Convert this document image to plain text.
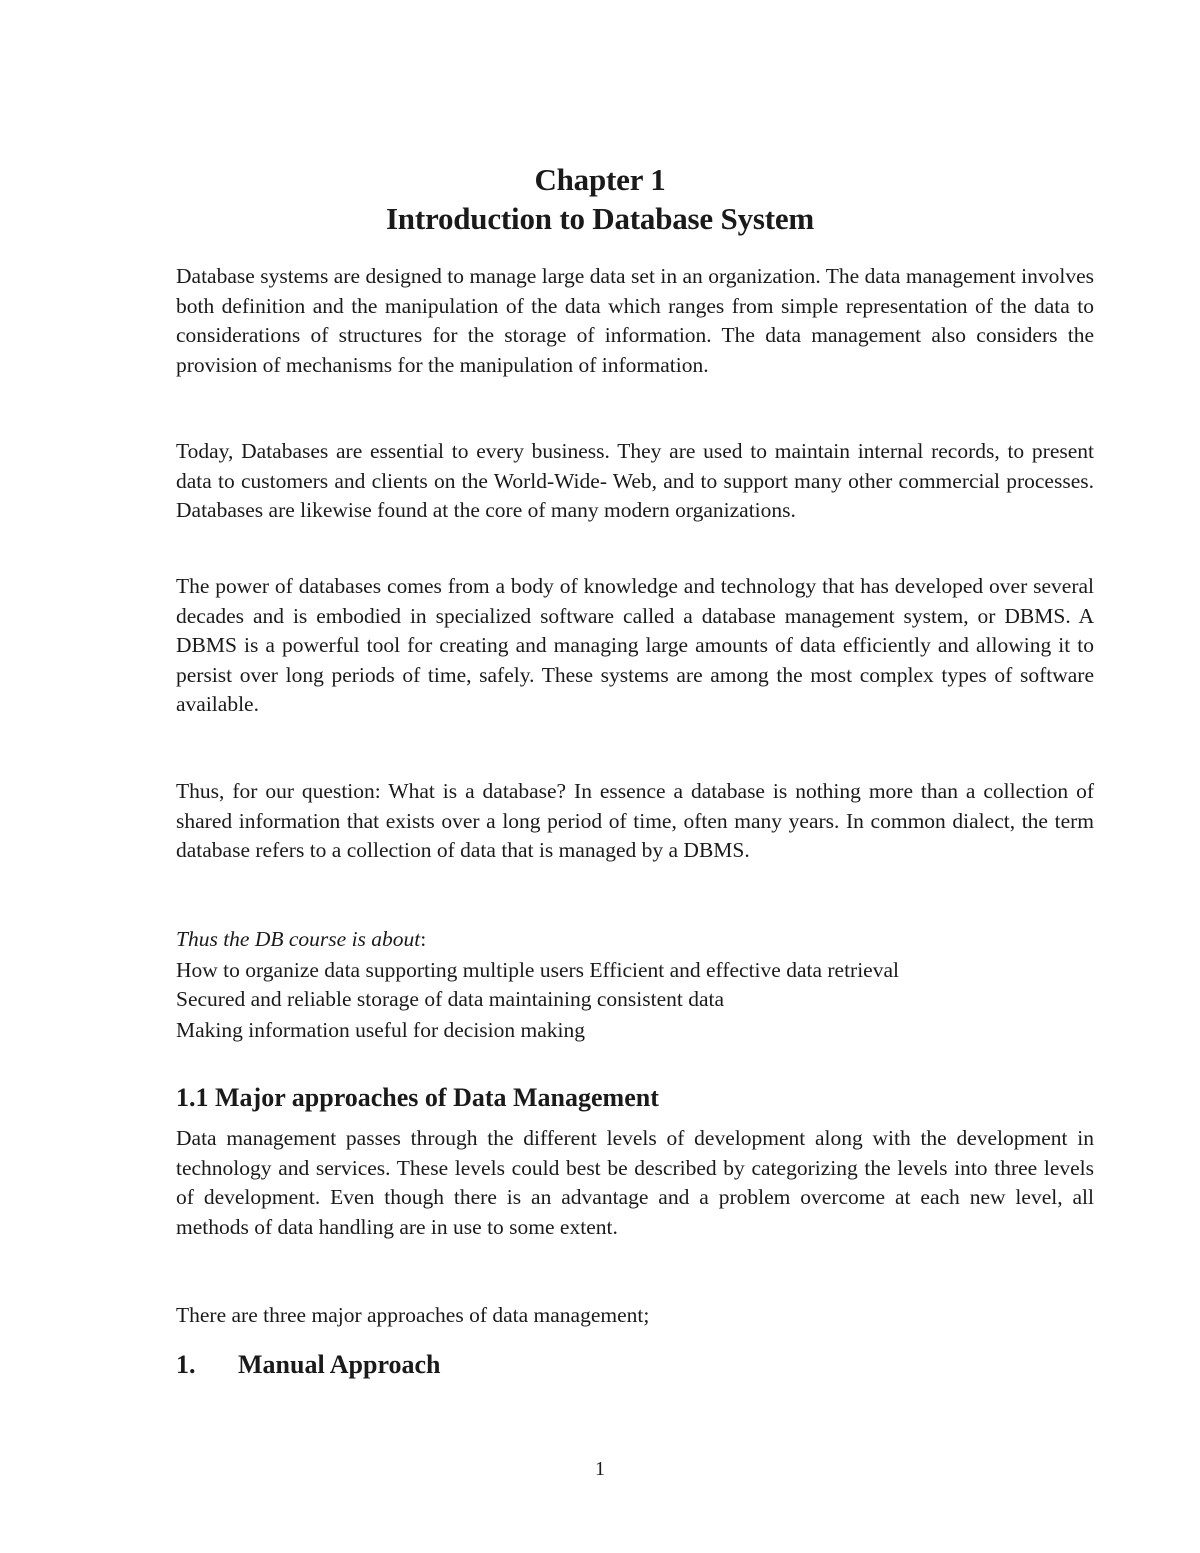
Chapter 1
Introduction to Database System

Database systems are designed to manage large data set in an organization. The data management involves both definition and the manipulation of the data which ranges from simple representation of the data to considerations of structures for the storage of information. The data management also considers the provision of mechanisms for the manipulation of information.

Today, Databases are essential to every business. They are used to maintain internal records, to present data to customers and clients on the World-Wide- Web, and to support many other commercial processes. Databases are likewise found at the core of many modern organizations.

The power of databases comes from a body of knowledge and technology that has developed over several decades and is embodied in specialized software called a database management system, or DBMS. A DBMS is a powerful tool for creating and managing large amounts of data efficiently and allowing it to persist over long periods of time, safely. These systems are among the most complex types of software available.

Thus, for our question: What is a database? In essence a database is nothing more than a collection of shared information that exists over a long period of time, often many years. In common dialect, the term database refers to a collection of data that is managed by a DBMS.

Thus the DB course is about:

How to organize data supporting multiple users Efficient and effective data retrieval

Secured and reliable storage of data maintaining consistent data

Making information useful for decision making

1.1 Major approaches of Data Management

Data management passes through the different levels of development along with the development in technology and services. These levels could best be described by categorizing the levels into three levels of development. Even though there is an advantage and a problem overcome at each new level, all methods of data handling are in use to some extent.

There are three major approaches of data management;

1. Manual Approach
1
